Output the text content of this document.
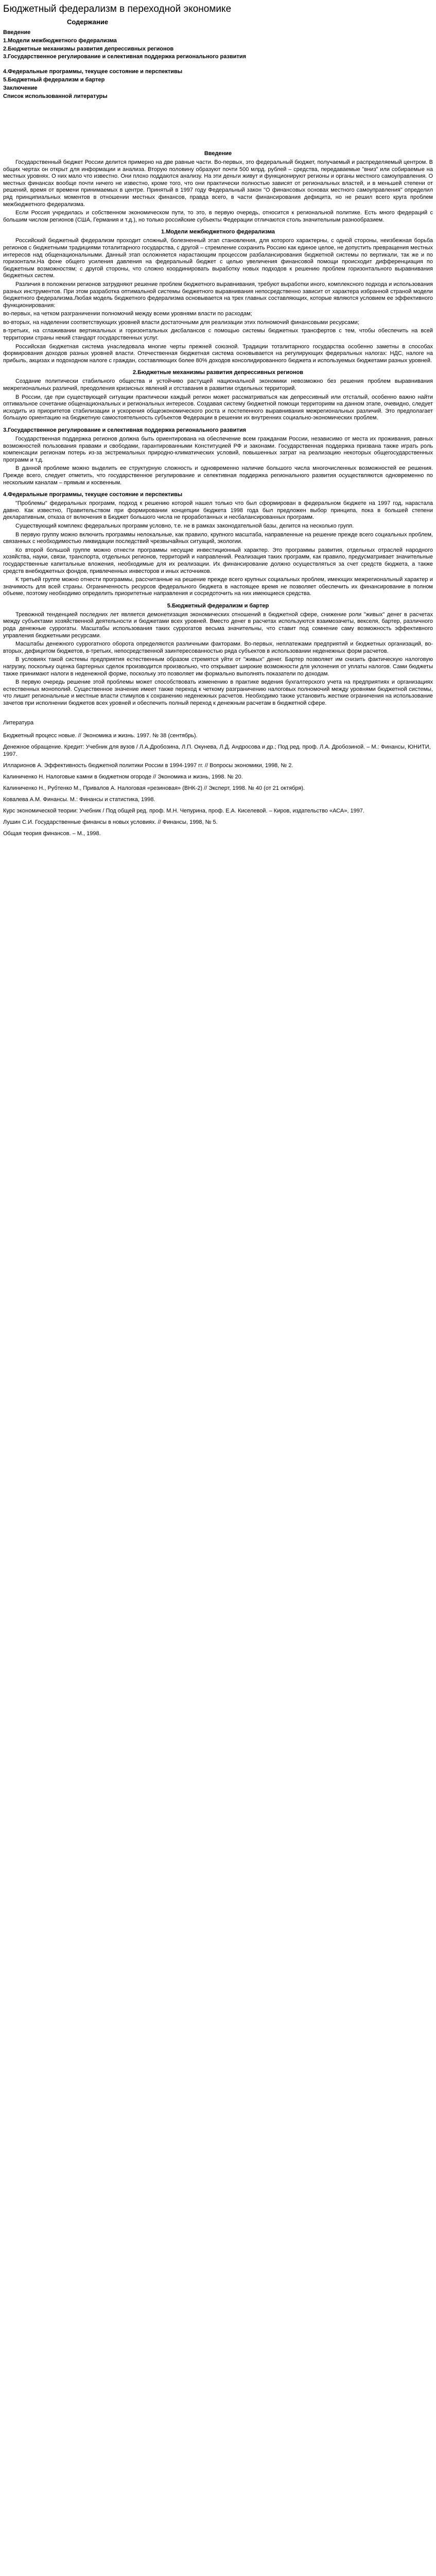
Бюджетный федерализм в переходной экономике
Содержание
Введение
1.Модели межбюджетного федерализма
2.Бюджетные механизмы развития депрессивных регионов
3.Государственное регулирование и селективная поддержка регионального развития
4.Федеральные программы, текущее состояние и перспективы
5.Бюджетный федерализм и бартер
Заключение
Список использованной литературы
Введение

Государственный бюджет России делится примерно на две равные части. Во-первых, это федеральный бюджет, получаемый и распределяемый центром. В общих чертах он открыт для информации и анализа. Вторую половину образуют почти 500 млрд. рублей – средства, передаваемые "вниз" или собираемые на местных уровнях. О них мало что известно. Они плохо поддаются анализу. На эти деньги живут и функционируют регионы и органы местного самоуправления. О местных финансах вообще почти ничего не известно, кроме того, что они практически полностью зависят от региональных властей, и в меньшей степени от решений, время от времени принимаемых в центре. Принятый в 1997 году Федеральный закон "О финансовых основах местного самоуправления" определил ряд принципиальных моментов в отношении местных финансов, правда всего, в части финансирования дефицита, но не решил всего круга проблем межбюджетного федерализма.

Если Россия учредилась и собственном экономическом пути, то это, в первую очередь, относится к региональной политике. Есть много федераций с большим числом регионов (США, Германия и т.д.), но только российские субъекты Федерации отличаются столь значительным разнообразием.

1.Модели межбюджетного федерализма

Российский бюджетный федерализм проходит сложный, болезненный этап становления, для которого характерны, с одной стороны, неизбежная борьба регионов с бюджетными традициями тоталитарного государства, с другой – стремление сохранить Россию как единое целое, не допустить превращения местных интересов над общенациональными. Данный этап осложняется нарастающим процессом разбалансирования бюджетной системы по вертикали, так же и по горизонтали.На фоне общего усиления давления на федеральный бюджет с целью увеличения финансовой помощи происходит дифференциация по бюджетным возможностям; с другой стороны, что сложно координировать выработку новых подходов к решению проблем горизонтального выравнивания бюджетных систем.

Различия в положении регионов затрудняют решение проблем бюджетного выравнивания, требуют выработки иного, комплексного подхода и использования разных инструментов. При этом разработка оптимальной системы бюджетного выравнивания непосредственно зависит от характера избранной страной модели бюджетного федерализма.Любая модель бюджетного федерализма основывается на трех главных составляющих, которые являются условием ее эффективного функционирования:

во-первых, на четком разграничении полномочий между всеми уровнями власти по расходам;

во-вторых, на наделении соответствующих уровней власти достаточными для реализации этих полномочий финансовыми ресурсами;

в-третьих, на сглаживании вертикальных и горизонтальных дисбалансов с помощью системы бюджетных трансфертов с тем, чтобы обеспечить на всей территории страны некий стандарт государственных услуг.

Российская бюджетная система унаследовала многие черты прежней союзной. Традиции тоталитарного государства особенно заметны в способах формирования доходов разных уровней власти. Отечественная бюджетная система основывается на регулирующих федеральных налогах: НДС, налоге на прибыль, акцизах и подоходном налоге с граждан, составляющих более 80% доходов консолидированного бюджета и используемых бюджетами разных уровней.

2.Бюджетные механизмы развития депрессивных регионов

Создание политически стабильного общества и устойчиво растущей национальной экономики невозможно без решения проблем выравнивания межрегиональных различий, преодоления кризисных явлений и отставания в развитии отдельных территорий.

В России, где при существующей ситуации практически каждый регион может рассматриваться как депрессивный или отсталый, особенно важно найти оптимальное сочетание общенациональных и региональных интересов. Создавая систему бюджетной помощи территориям на данном этапе, очевидно, следует исходить из приоритетов стабилизации и ускорения общеэкономического роста и постепенного выравнивания межрегиональных различий. Это предполагает большую ориентацию на бюджетную самостоятельность субъектов Федерации в решении их внутренних социально-экономических проблем.

3.Государственное регулирование и селективная поддержка регионального развития

Государственная поддержка регионов должна быть ориентирована на обеспечение всем гражданам России, независимо от места их проживания, равных возможностей пользования правами и свободами, гарантированными Конституцией РФ и законами. Государственная поддержка призвана также играть роль компенсации регионам потерь из-за экстремальных природно-климатических условий, повышенных затрат на реализацию некоторых общегосударственных программ и т.д.

В данной проблеме можно выделить ее структурную сложность и одновременно наличие большого числа многочисленных возможностей ее решения. Прежде всего, следует отметить, что государственное регулирование и селективная поддержка регионального развития осуществляются одновременно по нескольким каналам – прямым и косвенным.

4.Федеральные программы, текущее состояние и перспективы

"Проблемы" федеральных программ, подход к решению которой нашел только что был сформирован в федеральном бюджете на 1997 год, нарастала давно. Как известно, Правительством при формировании концепции бюджета 1998 года был предложен выбор принципа, пока в большей степени декларативным, отказа от включения в Бюджет большого числа не проработанных и несбалансированных программ.

Существующий комплекс федеральных программ условно, т.е. не в рамках законодательной базы, делится на несколько групп.

В первую группу можно включить программы нелокальные, как правило, крупного масштаба, направленные на решение прежде всего социальных проблем, связанных с необходимостью ликвидации последствий чрезвычайных ситуаций, экологии.

Ко второй большой группе можно отнести программы несущие инвестиционный характер. Это программы развития, отдельных отраслей народного хозяйства, науки, связи, транспорта, отдельных регионов, территорий и направлений. Реализация таких программ, как правило, предусматривает значительные государственные капитальные вложения, необходимые для их реализации. Их финансирование должно осуществляться за счет средств бюджета, а также средств внебюджетных фондов, привлеченных инвесторов и иных источников.

К третьей группе можно отнести программы, рассчитанные на решение прежде всего крупных социальных проблем, имеющих межрегиональный характер и значимость для всей страны. Ограниченность ресурсов федерального бюджета в настоящее время не позволяет обеспечить их финансирование в полном объеме, поэтому необходимо определить приоритетные направления и сосредоточить на них имеющиеся средства.

5.Бюджетный федерализм и бартер

Тревожной тенденцией последних лет является демонетизация экономических отношений в бюджетной сфере, снижение роли "живых" денег в расчетах между субъектами хозяйственной деятельности и бюджетами всех уровней. Вместо денег в расчетах используются взаимозачеты, векселя, бартер, различного рода денежные суррогаты. Масштабы использования таких суррогатов весьма значительны, что ставит под сомнение саму возможность эффективного управления бюджетными ресурсами.

Масштабы денежного суррогатного оборота определяются различными факторами. Во-первых, неплатежами предприятий и бюджетных организаций, во-вторых, дефицитом бюджетов, в-третьих, непосредственной заинтересованностью ряда субъектов в использовании неденежных форм расчетов.

В условиях такой системы предприятия естественным образом стремятся уйти от "живых" денег. Бартер позволяет им снизить фактическую налоговую нагрузку, поскольку оценка бартерных сделок производится произвольно, что открывает широкие возможности для уклонения от уплаты налогов. Сами бюджеты также принимают налоги в неденежной форме, поскольку это позволяет им формально выполнять показатели по доходам.

В первую очередь решение этой проблемы может способствовать изменению в практике ведения бухгалтерского учета на предприятиях и организациях естественных монополий. Существенное значение имеет также переход к четкому разграничению налоговых полномочий между уровнями бюджетной системы, что лишит региональные и местные власти стимулов к сохранению неденежных расчетов. Необходимо также установить жесткие ограничения на использование зачетов при исполнении бюджетов всех уровней и обеспечить полный переход к денежным расчетам в бюджетной сфере.

Литература
Бюджетный процесс новые. // Экономика и жизнь. 1997. № 38 (сентябрь).
Денежное обращение. Кредит: Учебник для вузов / Л.А.Дробозина, Л.П. Окунева, Л.Д. Андросова и др.; Под ред. проф. Л.А. Дробозиной. – М.: Финансы, ЮНИТИ, 1997.
Илларионов А. Эффективность бюджетной политики России в 1994-1997 гг. // Вопросы экономики, 1998, № 2.
Калиниченко Н. Налоговые камни в бюджетном огороде // Экономика и жизнь, 1998. № 20.
Калиниченко Н., Рубтенко М., Привалов А. Налоговая «резиновая» (ВНК-2) // Эксперт, 1998. № 40 (от 21 октября).
Ковалева А.М. Финансы. М.: Финансы и статистика, 1998.
Курс экономической теории: Учебник / Под общей ред. проф. М.Н. Чепурина, проф. Е.А. Киселевой. – Киров, издательство «АСА», 1997.
Лушин С.И. Государственные финансы в новых условиях. // Финансы, 1998, № 5.
Общая теория финансов. – М., 1998.
